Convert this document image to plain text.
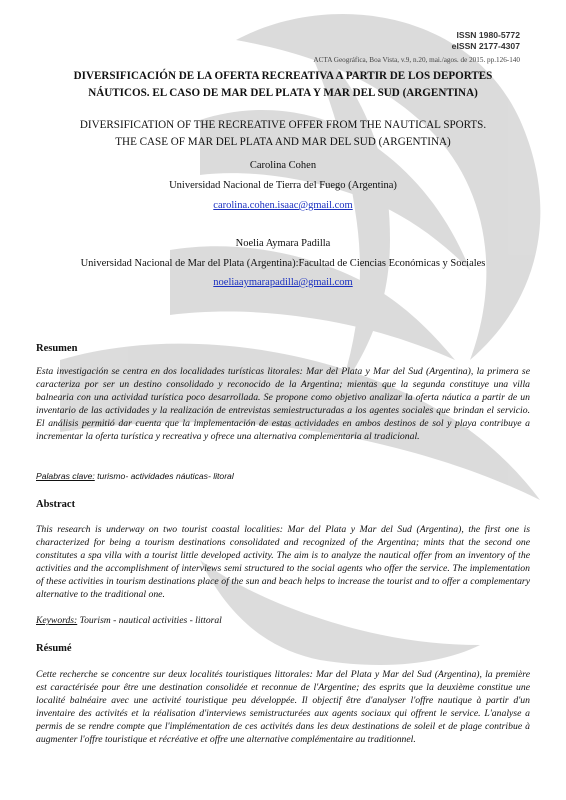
ISSN 1980-5772
eISSN 2177-4307
ACTA Geográfica, Boa Vista, v.9, n.20, mai./agos. de 2015. pp.126-140
DIVERSIFICACIÓN DE LA OFERTA RECREATIVA A PARTIR DE LOS DEPORTES
NÁUTICOS. EL CASO DE MAR DEL PLATA Y MAR DEL SUD (ARGENTINA)
DIVERSIFICATION OF THE RECREATIVE OFFER FROM THE NAUTICAL SPORTS.
THE CASE OF MAR DEL PLATA AND MAR DEL SUD (ARGENTINA)
Carolina Cohen
Universidad Nacional de Tierra del Fuego (Argentina)
carolina.cohen.isaac@gmail.com
Noelia Aymara Padilla
Universidad Nacional de Mar del Plata (Argentina):Facultad de Ciencias Económicas y Sociales
noeliaaymarapadilla@gmail.com
Resumen
Esta investigación se centra en dos localidades turísticas litorales: Mar del Plata y Mar del Sud (Argentina), la primera se caracteriza por ser un destino consolidado y reconocido de la Argentina; mientas que la segunda constituye una villa balnearia con una actividad turística poco desarrollada. Se propone como objetivo analizar la oferta náutica a partir de un inventario de las actividades y la realización de entrevistas semiestructuradas a los agentes sociales que brindan el servicio. El análisis permitió dar cuenta que la implementación de estas actividades en ambos destinos de sol y playa contribuye a incrementar la oferta turística y recreativa y ofrece una alternativa complementaria al tradicional.
Palabras clave: turismo- actividades náuticas- litoral
Abstract
This research is underway on two tourist coastal localities: Mar del Plata y Mar del Sud (Argentina), the first one is characterized for being a tourism destinations consolidated and recognized of the Argentina; mints that the second one constitutes a spa villa with a tourist little developed activity. The aim is to analyze the nautical offer from an inventory of the activities and the accomplishment of interviews semi structured to the social agents who offer the service. The implementation of these activities in tourism destinations place of the sun and beach helps to increase the tourist and to offer a complementary alternative to the traditional one.
Keywords: Tourism - nautical activities - littoral
Résumé
Cette recherche se concentre sur deux localités touristiques littorales: Mar del Plata y Mar del Sud (Argentina), la première est caractérisée pour être une destination consolidée et reconnue de l'Argentine; des esprits que la deuxième constitue une localité balnéaire avec une activité touristique peu développée. Il objectif être d'analyser l'offre nautique à partir d'un inventaire des activités et la réalisation d'interviews semistructurées aux agents sociaux qui offrent le service. L'analyse a permis de se rendre compte que l'implémentation de ces activités dans les deux destinations de soleil et de plage contribue à augmenter l'offre touristique et récréative et offre une alternative complémentaire au traditionnel.
